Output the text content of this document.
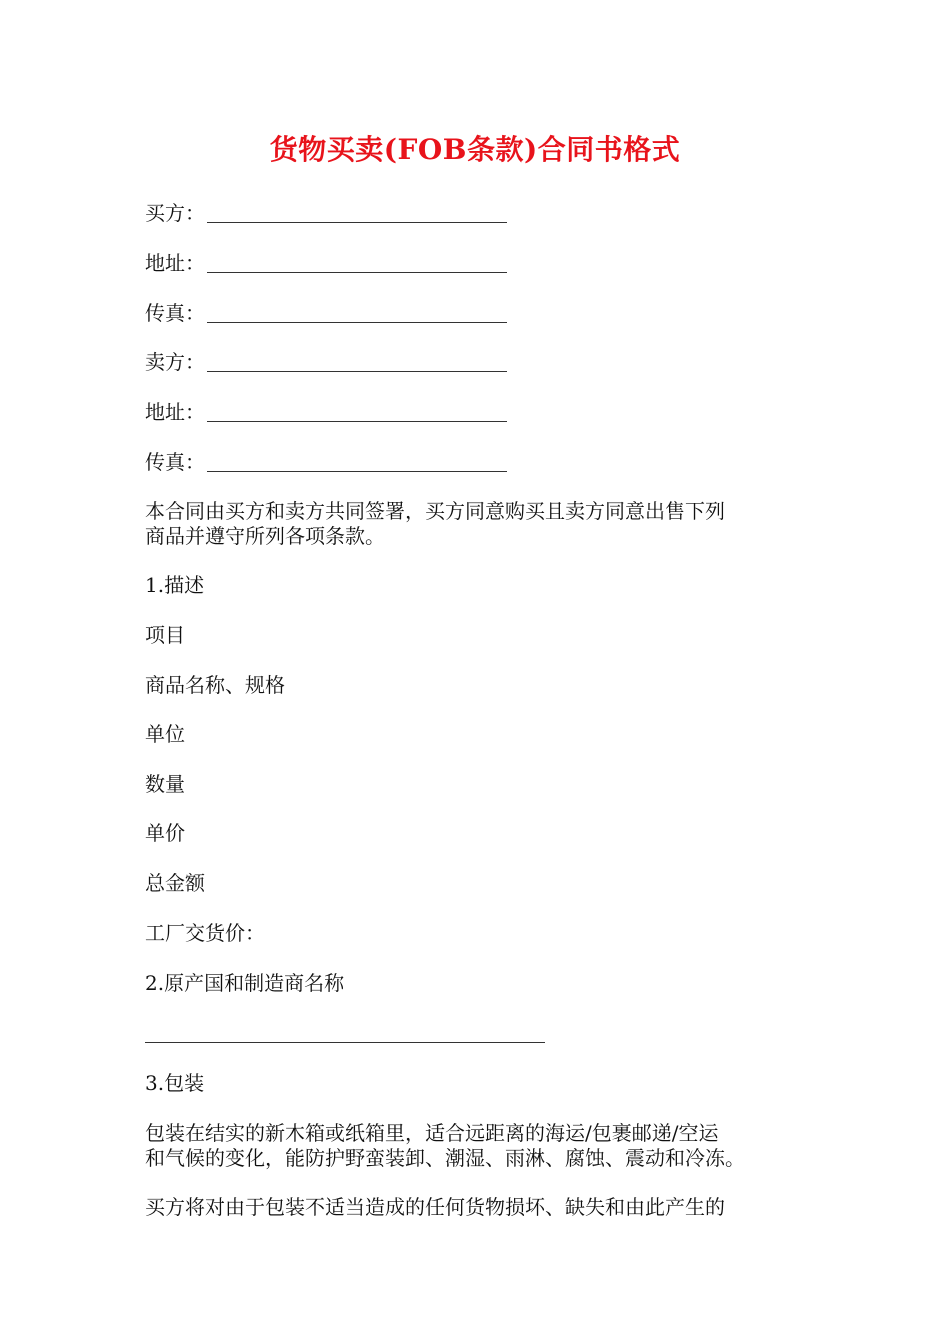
货物买卖(FOB条款)合同书格式
买方：
地址：
传真：
卖方：
地址：
传真：
本合同由买方和卖方共同签署，买方同意购买且卖方同意出售下列
商品并遵守所列各项条款。
1.描述
项目
商品名称、规格
单位
数量
单价
总金额
工厂交货价：
2.原产国和制造商名称
3.包装
包装在结实的新木箱或纸箱里，适合远距离的海运/包裹邮递/空运
和气候的变化，能防护野蛮装卸、潮湿、雨淋、腐蚀、震动和冷冻。
买方将对由于包装不适当造成的任何货物损坏、缺失和由此产生的
